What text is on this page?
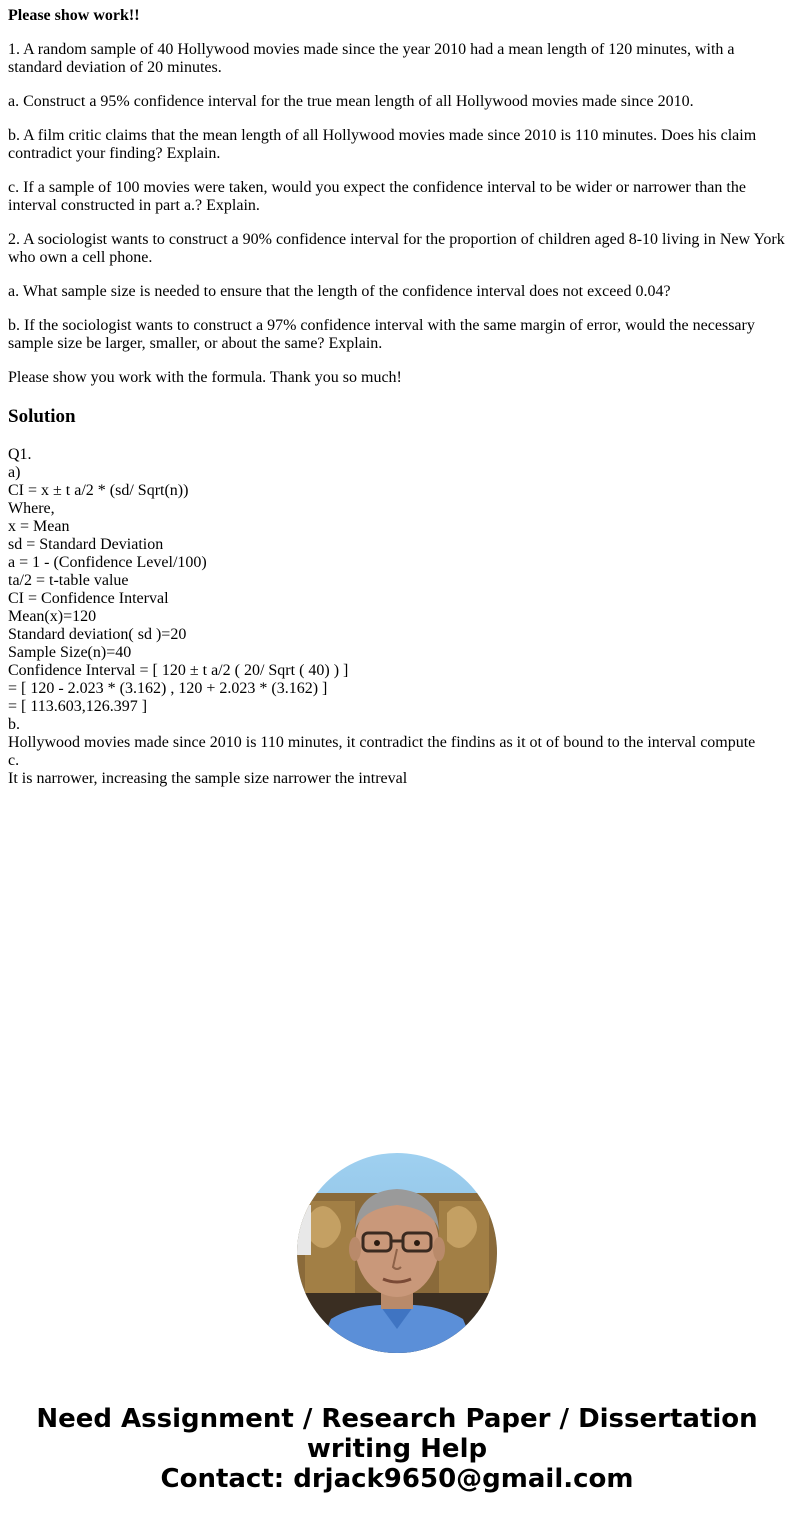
Please show work!!

1. A random sample of 40 Hollywood movies made since the year 2010 had a mean length of 120 minutes, with a standard deviation of 20 minutes.

a. Construct a 95% confidence interval for the true mean length of all Hollywood movies made since 2010.

b. A film critic claims that the mean length of all Hollywood movies made since 2010 is 110 minutes. Does his claim contradict your finding? Explain.

c. If a sample of 100 movies were taken, would you expect the confidence interval to be wider or narrower than the interval constructed in part a.? Explain.

2. A sociologist wants to construct a 90% confidence interval for the proportion of children aged 8-10 living in New York who own a cell phone.

a. What sample size is needed to ensure that the length of the confidence interval does not exceed 0.04?

b. If the sociologist wants to construct a 97% confidence interval with the same margin of error, would the necessary sample size be larger, smaller, or about the same? Explain.

Please show you work with the formula. Thank you so much!

Solution
Q1.
a)
CI = x ± t a/2 * (sd/ Sqrt(n))
Where,
x = Mean
sd = Standard Deviation
a = 1 - (Confidence Level/100)
ta/2 = t-table value
CI = Confidence Interval
Mean(x)=120
Standard deviation( sd )=20
Sample Size(n)=40
Confidence Interval = [ 120 ± t a/2 ( 20/ Sqrt ( 40) ) ]
= [ 120 - 2.023 * (3.162) , 120 + 2.023 * (3.162) ]
= [ 113.603,126.397 ]
b.
Hollywood movies made since 2010 is 110 minutes, it contradict the findins as it ot of bound to the interval compute
c.
It is narrower, increasing the sample size narrower the intreval
Need Assignment / Research Paper / Dissertation
writing Help
Contact: drjack9650@gmail.com
